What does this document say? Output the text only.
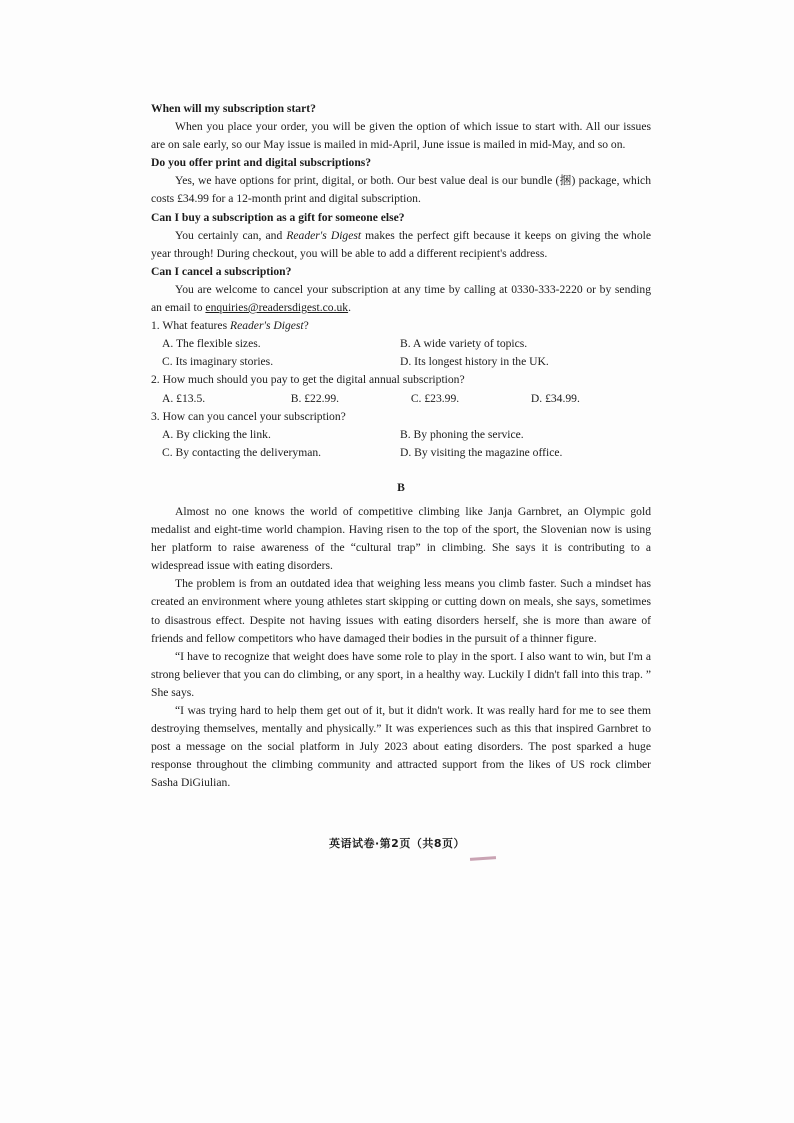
When will my subscription start?

When you place your order, you will be given the option of which issue to start with. All our issues are on sale early, so our May issue is mailed in mid-April, June issue is mailed in mid-May, and so on.

Do you offer print and digital subscriptions?

Yes, we have options for print, digital, or both. Our best value deal is our bundle (捆) package, which costs £34.99 for a 12-month print and digital subscription.

Can I buy a subscription as a gift for someone else?

You certainly can, and Reader's Digest makes the perfect gift because it keeps on giving the whole year through! During checkout, you will be able to add a different recipient's address.

Can I cancel a subscription?

You are welcome to cancel your subscription at any time by calling at 0330-333-2220 or by sending an email to enquiries@readersdigest.co.uk.

1. What features Reader's Digest?

A. The flexible sizes.	B. A wide variety of topics.
C. Its imaginary stories.	D. Its longest history in the UK.

2. How much should you pay to get the digital annual subscription?

A. £13.5.	B. £22.99.	C. £23.99.	D. £34.99.

3. How can you cancel your subscription?

A. By clicking the link.	B. By phoning the service.
C. By contacting the deliveryman.	D. By visiting the magazine office.

B

Almost no one knows the world of competitive climbing like Janja Garnbret, an Olympic gold medalist and eight-time world champion. Having risen to the top of the sport, the Slovenian now is using her platform to raise awareness of the “cultural trap” in climbing. She says it is contributing to a widespread issue with eating disorders.

The problem is from an outdated idea that weighing less means you climb faster. Such a mindset has created an environment where young athletes start skipping or cutting down on meals, she says, sometimes to disastrous effect. Despite not having issues with eating disorders herself, she is more than aware of friends and fellow competitors who have damaged their bodies in the pursuit of a thinner figure.

“I have to recognize that weight does have some role to play in the sport. I also want to win, but I'm a strong believer that you can do climbing, or any sport, in a healthy way. Luckily I didn't fall into this trap. ” She says.

“I was trying hard to help them get out of it, but it didn't work. It was really hard for me to see them destroying themselves, mentally and physically.” It was experiences such as this that inspired Garnbret to post a message on the social platform in July 2023 about eating disorders. The post sparked a huge response throughout the climbing community and attracted support from the likes of US rock climber Sasha DiGiulian.

英语试卷·第2页（共8页）
